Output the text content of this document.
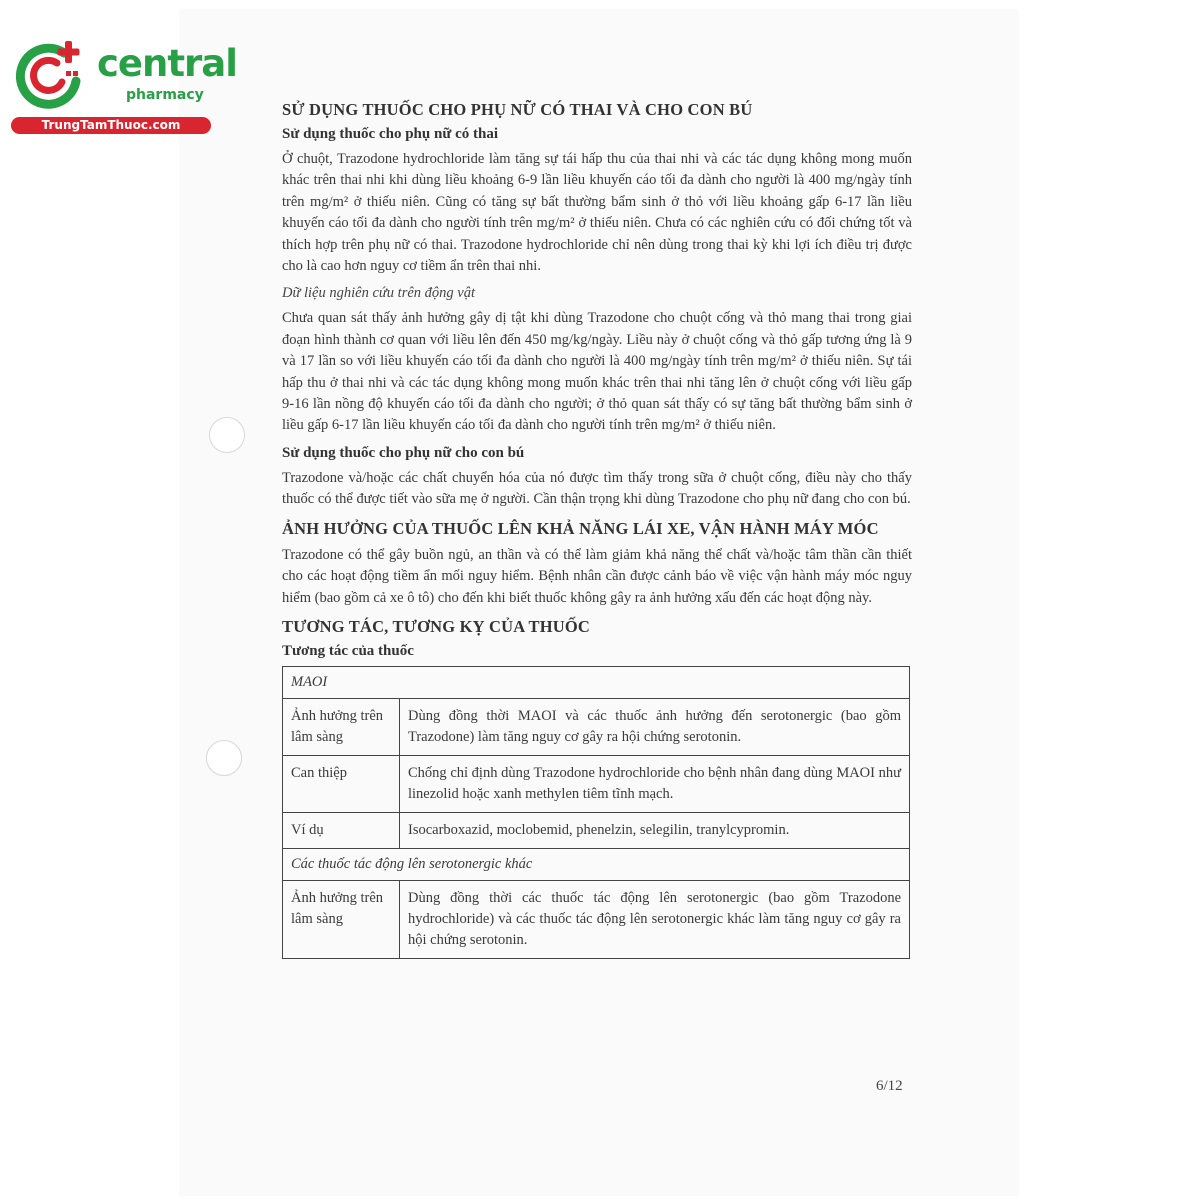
central
pharmacy
TrungTamThuoc.com
SỬ DỤNG THUỐC CHO PHỤ NỮ CÓ THAI VÀ CHO CON BÚ
Sử dụng thuốc cho phụ nữ có thai

Ở chuột, Trazodone hydrochloride làm tăng sự tái hấp thu của thai nhi và các tác dụng không mong muốn khác trên thai nhi khi dùng liều khoảng 6-9 lần liều khuyến cáo tối đa dành cho người là 400 mg/ngày tính trên mg/m² ở thiếu niên. Cũng có tăng sự bất thường bẩm sinh ở thỏ với liều khoảng gấp 6-17 lần liều khuyến cáo tối đa dành cho người tính trên mg/m² ở thiếu niên. Chưa có các nghiên cứu có đối chứng tốt và thích hợp trên phụ nữ có thai. Trazodone hydrochloride chỉ nên dùng trong thai kỳ khi lợi ích điều trị được cho là cao hơn nguy cơ tiềm ẩn trên thai nhi.

Dữ liệu nghiên cứu trên động vật

Chưa quan sát thấy ảnh hưởng gây dị tật khi dùng Trazodone cho chuột cống và thỏ mang thai trong giai đoạn hình thành cơ quan với liều lên đến 450 mg/kg/ngày. Liều này ở chuột cống và thỏ gấp tương ứng là 9 và 17 lần so với liều khuyến cáo tối đa dành cho người là 400 mg/ngày tính trên mg/m² ở thiếu niên. Sự tái hấp thu ở thai nhi và các tác dụng không mong muốn khác trên thai nhi tăng lên ở chuột cống với liều gấp 9-16 lần nồng độ khuyến cáo tối đa dành cho người; ở thỏ quan sát thấy có sự tăng bất thường bẩm sinh ở liều gấp 6-17 lần liều khuyến cáo tối đa dành cho người tính trên mg/m² ở thiếu niên.

Sử dụng thuốc cho phụ nữ cho con bú

Trazodone và/hoặc các chất chuyển hóa của nó được tìm thấy trong sữa ở chuột cống, điều này cho thấy thuốc có thể được tiết vào sữa mẹ ở người. Cần thận trọng khi dùng Trazodone cho phụ nữ đang cho con bú.

ẢNH HƯỞNG CỦA THUỐC LÊN KHẢ NĂNG LÁI XE, VẬN HÀNH MÁY MÓC

Trazodone có thể gây buồn ngủ, an thần và có thể làm giảm khả năng thể chất và/hoặc tâm thần cần thiết cho các hoạt động tiềm ẩn mối nguy hiểm. Bệnh nhân cần được cảnh báo về việc vận hành máy móc nguy hiểm (bao gồm cả xe ô tô) cho đến khi biết thuốc không gây ra ảnh hưởng xấu đến các hoạt động này.

TƯƠNG TÁC, TƯƠNG KỴ CỦA THUỐC
Tương tác của thuốc
MAOI	
Ảnh hưởng trên lâm sàng	Dùng đồng thời MAOI và các thuốc ảnh hưởng đến serotonergic (bao gồm Trazodone) làm tăng nguy cơ gây ra hội chứng serotonin.
Can thiệp	Chống chỉ định dùng Trazodone hydrochloride cho bệnh nhân đang dùng MAOI như linezolid hoặc xanh methylen tiêm tĩnh mạch.
Ví dụ	Isocarboxazid, moclobemid, phenelzin, selegilin, tranylcypromin.
Các thuốc tác động lên serotonergic khác	
Ảnh hưởng trên lâm sàng	Dùng đồng thời các thuốc tác động lên serotonergic (bao gồm Trazodone hydrochloride) và các thuốc tác động lên serotonergic khác làm tăng nguy cơ gây ra hội chứng serotonin.
6/12
